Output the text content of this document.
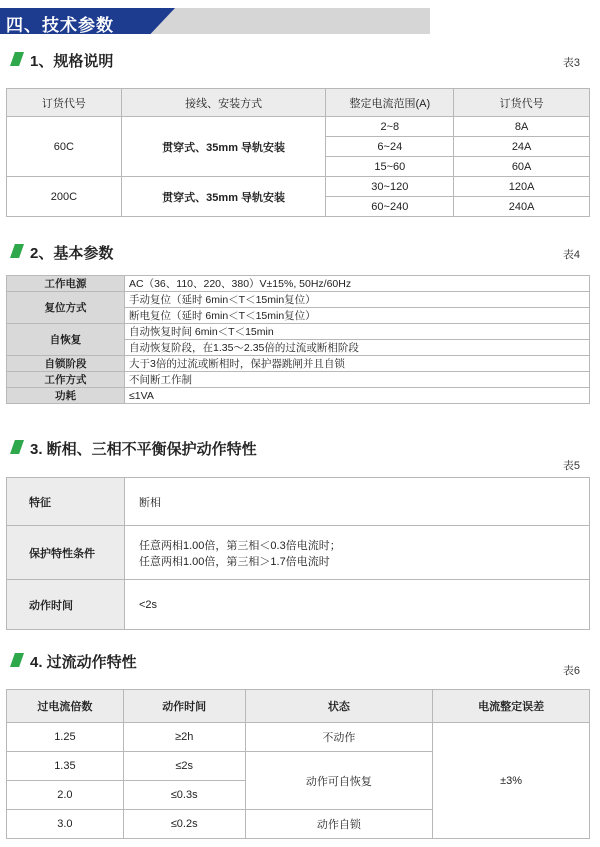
四、技术参数
1、规格说明	表3
订货代号	接线、安装方式	整定电流范围(A)	订货代号
60C	贯穿式、35mm 导轨安装	2~8	8A
		6~24	24A
		15~60	60A
200C	贯穿式、35mm 导轨安装	30~120	120A
		60~240	240A
2、基本参数	表4
工作电源	AC（36、110、220、380）V±15%, 50Hz/60Hz
复位方式	手动复位（延时 6min＜T＜15min复位）
	断电复位（延时 6min＜T＜15min复位）
自恢复	自动恢复时间 6min＜T＜15min
	自动恢复阶段，在1.35～2.35倍的过流或断相阶段
自锁阶段	大于3倍的过流或断相时，保护器跳闸并且自锁
工作方式	不间断工作制
功耗	≤1VA
3. 断相、三相不平衡保护动作特性
表5
特征	断相
保护特性条件	任意两相1.00倍，第三相＜0.3倍电流时；
任意两相1.00倍，第三相＞1.7倍电流时

动作时间	<2s
4. 过流动作特性	表6
过电流倍数	动作时间	状态	电流整定误差
1.25	≥2h	不动作	±3%
1.35	≤2s	动作可自恢复	
2.0	≤0.3s		
3.0	≤0.2s	动作自锁	
